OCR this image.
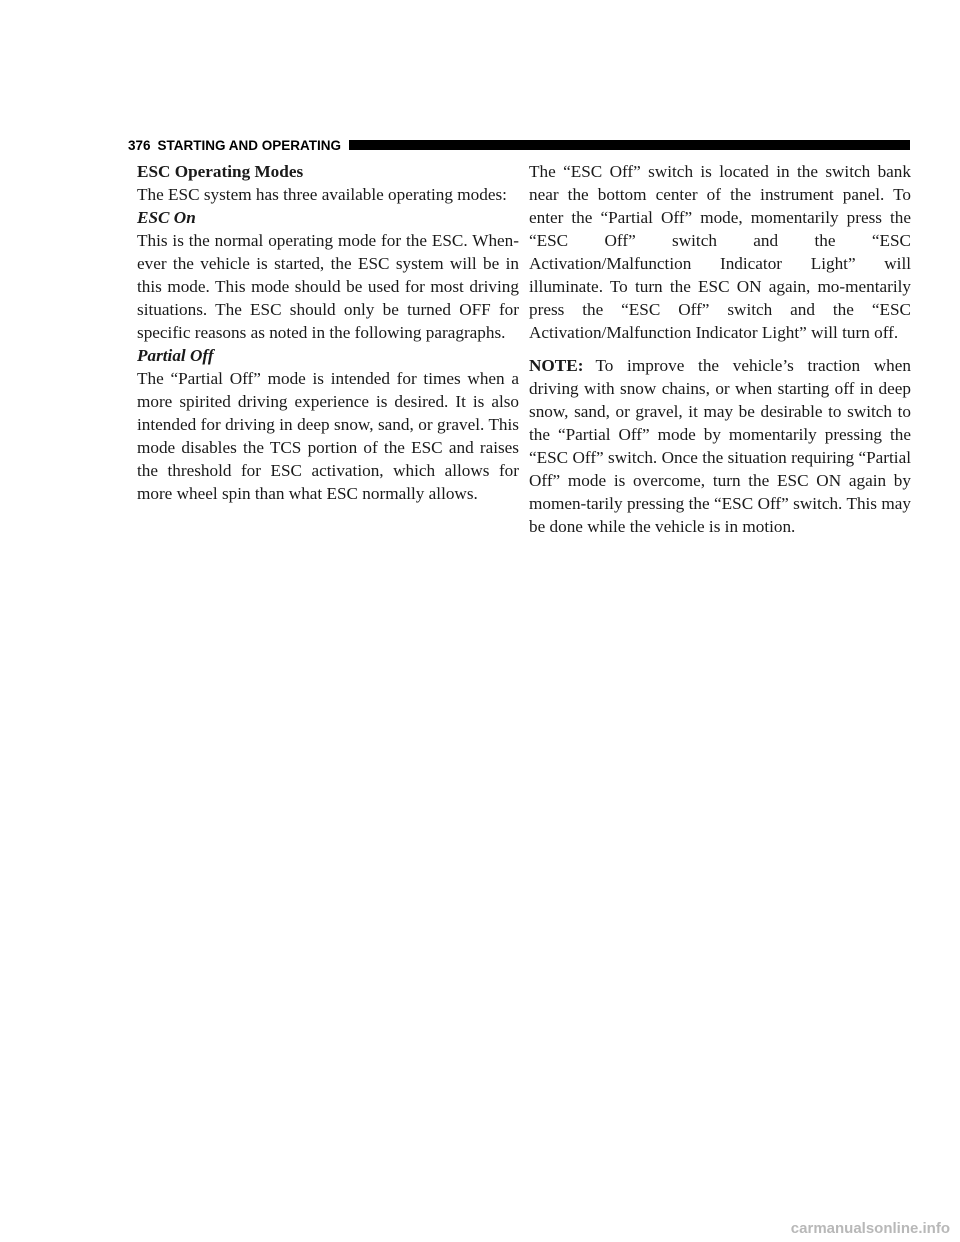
376 STARTING AND OPERATING

ESC Operating Modes

The ESC system has three available operating modes:

ESC On

This is the normal operating mode for the ESC. When-ever the vehicle is started, the ESC system will be in this mode. This mode should be used for most driving situations. The ESC should only be turned OFF for specific reasons as noted in the following paragraphs.

Partial Off

The “Partial Off” mode is intended for times when a more spirited driving experience is desired. It is also intended for driving in deep snow, sand, or gravel. This mode disables the TCS portion of the ESC and raises the threshold for ESC activation, which allows for more wheel spin than what ESC normally allows.

The “ESC Off” switch is located in the switch bank near the bottom center of the instrument panel. To enter the “Partial Off” mode, momentarily press the “ESC Off” switch and the “ESC Activation/Malfunction Indicator Light” will illuminate. To turn the ESC ON again, mo-mentarily press the “ESC Off” switch and the “ESC Activation/Malfunction Indicator Light” will turn off.

NOTE: To improve the vehicle’s traction when driving with snow chains, or when starting off in deep snow, sand, or gravel, it may be desirable to switch to the “Partial Off” mode by momentarily pressing the “ESC Off” switch. Once the situation requiring “Partial Off” mode is overcome, turn the ESC ON again by momen-tarily pressing the “ESC Off” switch. This may be done while the vehicle is in motion.

carmanualsonline.info
